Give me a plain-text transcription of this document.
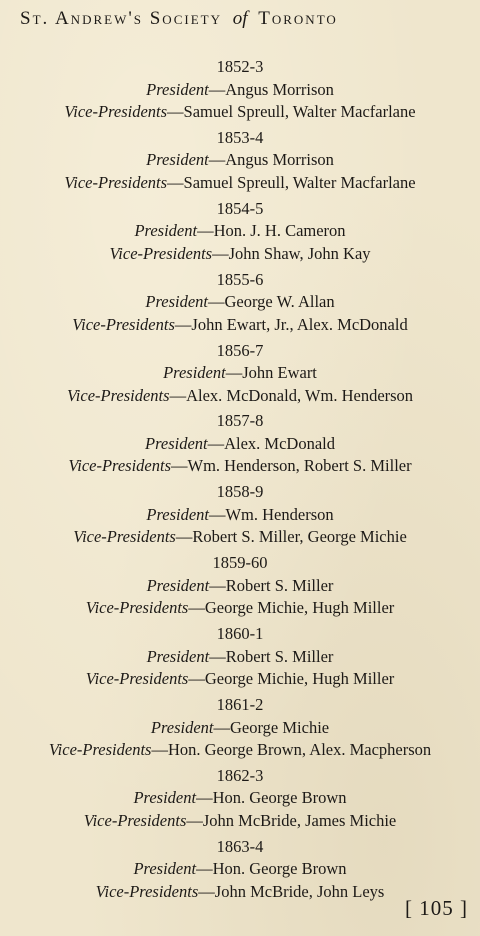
St. Andrew's Society of Toronto
1852-3
President—Angus Morrison
Vice-Presidents—Samuel Spreull, Walter Macfarlane
1853-4
President—Angus Morrison
Vice-Presidents—Samuel Spreull, Walter Macfarlane
1854-5
President—Hon. J. H. Cameron
Vice-Presidents—John Shaw, John Kay
1855-6
President—George W. Allan
Vice-Presidents—John Ewart, Jr., Alex. McDonald
1856-7
President—John Ewart
Vice-Presidents—Alex. McDonald, Wm. Henderson
1857-8
President—Alex. McDonald
Vice-Presidents—Wm. Henderson, Robert S. Miller
1858-9
President—Wm. Henderson
Vice-Presidents—Robert S. Miller, George Michie
1859-60
President—Robert S. Miller
Vice-Presidents—George Michie, Hugh Miller
1860-1
President—Robert S. Miller
Vice-Presidents—George Michie, Hugh Miller
1861-2
President—George Michie
Vice-Presidents—Hon. George Brown, Alex. Macpherson
1862-3
President—Hon. George Brown
Vice-Presidents—John McBride, James Michie
1863-4
President—Hon. George Brown
Vice-Presidents—John McBride, John Leys
[ 105 ]
